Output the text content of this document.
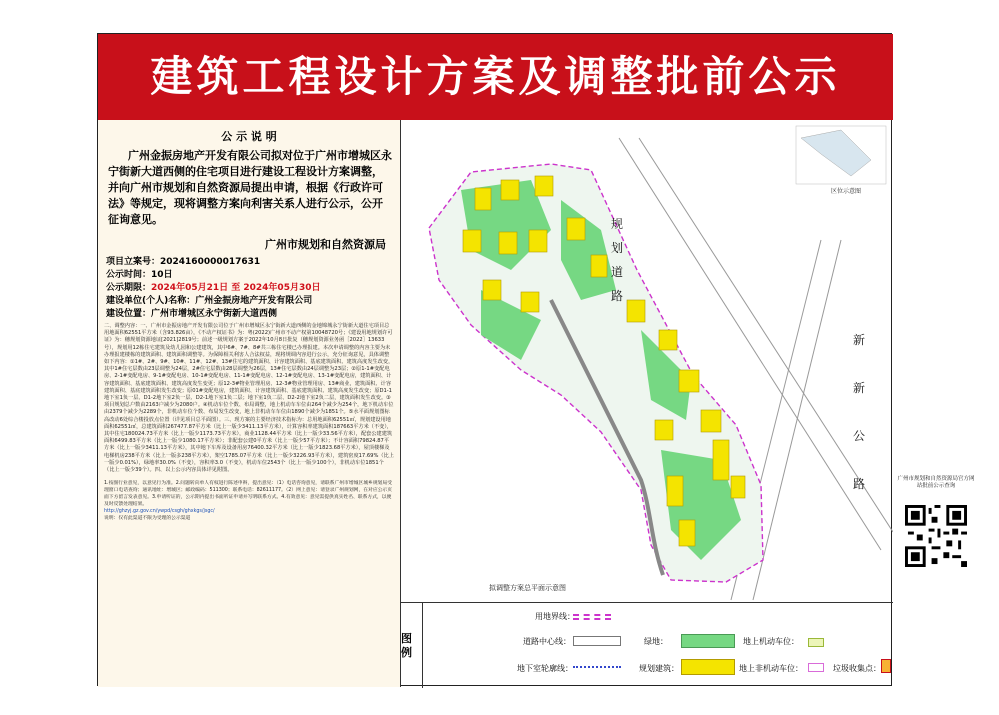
建筑工程设计方案及调整批前公示
公 示 说 明
广州金振房地产开发有限公司拟对位于广州市增城区永宁街新大道西侧的住宅项目进行建设工程设计方案调整，并向广州市规划和自然资源局提出申请，根据《行政许可法》等规定，现将调整方案向利害关系人进行公示，公开征询意见。
广州市规划和自然资源局
项目立案号：2024160000017631
公示时间：10日
公示期限：2024年05月21日 至 2024年05月30日
建设单位(个人)名称：广州金振房地产开发有限公司
建设位置：广州市增城区永宁街新大道西侧
二、调整内容：一、广州市金振房地产开发有限公司位于广州市增城区永宁街新大道西侧的金地锦城永宁街新大道住宅项目总用地面积62551平方米（含93.826亩），《不动产权证书》为：粤(2022)广州市不动产权第10048720号；《建设用地规划许可证》为：穗规划资源地证[2021]2819号；前述一级规划方案于2022年10月8日批复（穗规划资源业务函［2022］13633号），规划用12栋住宅建筑及幼儿园和公建建筑，其中6#、7#、8#共三栋住宅楼已办理报建。本次申请调整的内容主要为未办理报建楼栋的建筑面积、建筑面积调整等。为保障相关利害人合法权益，现将规调内容进行公示，充分征询意见，具体调整如下内容：①1#、2#、9#、10#、11#、12#、13#住宅的建筑面积、计容建筑面积、基底建筑面积、建筑高度发生改变，其中1#住宅层数由23层调整为24层，2#住宅层数由28层调整为26层，13#住宅层数由24层调整为23层；②原1-1#变配电房、2-1#变配电房、9-1#变配电房、10-1#变配电房、11-1#变配电房、12-1#变配电房、13-1#变配电房，建筑面积、计容建筑面积、基底建筑面积、建筑高度发生变更；原12-3#物业管理用房、12-3#物业管理用房、13#商业，建筑面积、计容建筑面积、基底建筑面积发生改变；原01#变配电房，建筑面积、计容建筑面积、基底建筑面积、建筑高度发生改变；原D1-1地下室1负一层、D1-2地下室2负一层、D2-1地下室1负二层；地下室1负二层、D2-2地下室2负二层，建筑面积发生改变。③项目规划总户数由2163户减少为2080户。④机动车位个数、布局调整，地上机动车车位由264个减少为254个，地下机动车位由2379个减少为2289个，非机动车位个数、布局发生改变，地上非机动车车位由1890个减少为1851个。⑤水平面规划图标高改动6处综合楼投放点位置（详见项目总平面图）。三、现方案的主要经济技术指标为：总用地面积62551㎡，规划建设用地面积62551㎡，总建筑面积267477.87平方米（比上一版少3411.13平方米），计算容积率建筑面积187663平方米（不变），其中住宅180024.73平方米（比上一版少1173.73平方米），商业1128.44平方米（比上一版少33.56平方米），配套公建建筑面积6499.83平方米（比上一版少1080.17平方米）；非配套公建0平方米（比上一版少57平方米）；不计容面积79824.87平方米（比上一版少3411.13平方米），其中地下车库及设备用房76400.32平方米（比上一版少1823.68平方米），屋顶楼梯及电梯机房238平方米（比上一版多238平方米），架空1785.07平方米（比上一版少3226.93平方米），建筑密度17.69%（比上一版少0.01%），绿地率30.0%（不变），容积率3.0（不变），机动车位2543个（比上一版少100个），非机动车位1851个（比上一版少39个）。四、以上公示内容具体详见附图。
1.按图行业意见，以意见行为准。2.问题转向单人有权进行陈述申辩，提出意见：（1）电话咨询意见，请联系广州市增城区城乡规划局受理窗口电话查询；通讯地址：增城区；邮政编码：511300；联系电话：82611177。（2）网上意见：请登录广州规划网，在对应公示页面下方留言发表意见。3.申请听证的，公示期内提出书面听证申请并写明联系方式。4.有效意见：意见需提供真实姓名、联系方式，以便及时反馈处理结果。
http://ghzyj.gz.gov.cn/ywpd/csgh/ghxkgs/jsgc/
说明：仅有此渠道不限为受理的公示渠道
拟调整方案总平面示意图
区位示意图
规划道路
新新公路
图例
用地界线：
道路中心线：
地下室轮廓线：
绿地：
规划建筑：
地上机动车位：
地上非机动车位：	垃圾收集点：
广州市规划和自然资源局官方网站批前公示查询
